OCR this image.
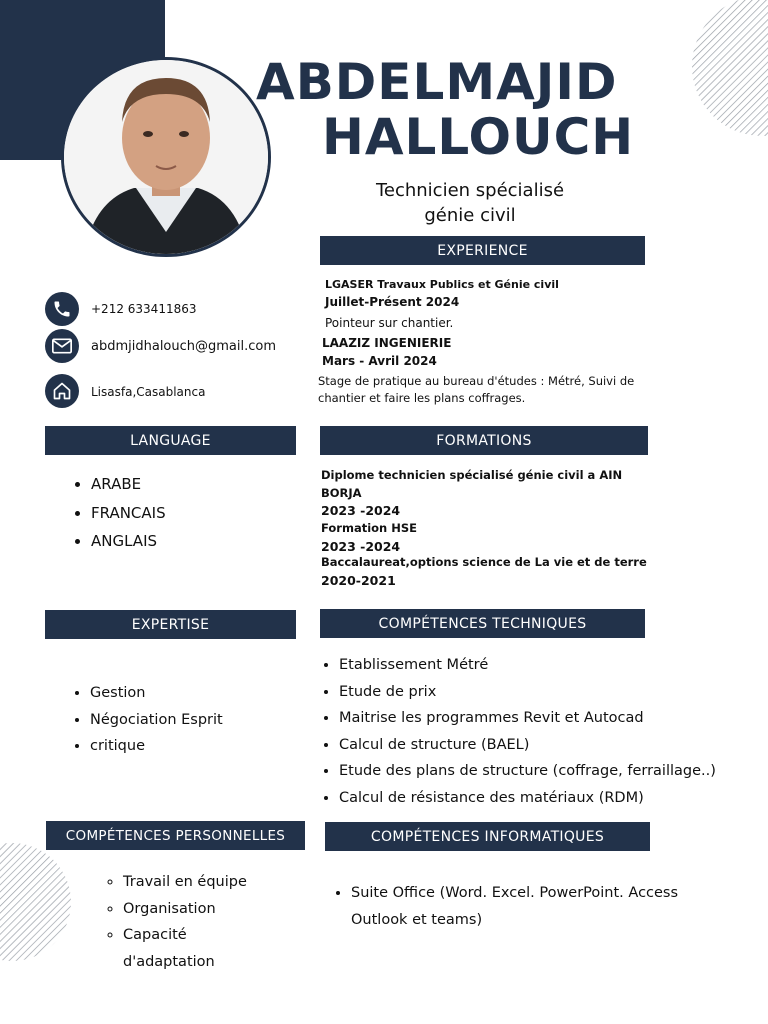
ABDELMAJID
HALLOUCH
Technicien spécialisé
génie civil
+212 633411863
abdmjidhalouch@gmail.com
Lisasfa,Casablanca
EXPERIENCE
LGASER Travaux Publics et Génie civil
Juillet-Présent 2024
Pointeur sur chantier.
LAAZIZ INGENIERIE
Mars - Avril 2024
Stage de pratique au bureau d'études : Métré, Suivi de
chantier et faire les plans coffrages.
LANGUAGE
• ARABE
• FRANCAIS
• ANGLAIS
FORMATIONS
Diplome technicien spécialisé génie civil a AIN
BORJA
2023 -2024
Formation HSE
2023 -2024
Baccalaureat,options science de La vie et de terre
2020-2021
EXPERTISE
• Gestion
• Négociation Esprit
• critique
COMPÉTENCES TECHNIQUES
• Etablissement Métré
• Etude de prix
• Maitrise les programmes Revit et Autocad
• Calcul de structure (BAEL)
• Etude des plans de structure (coffrage, ferraillage..)
• Calcul de résistance des matériaux (RDM)
COMPÉTENCES PERSONNELLES
◦ Travail en équipe
◦ Organisation
◦ Capacité
d'adaptation
COMPÉTENCES INFORMATIQUES
• Suite Office (Word. Excel. PowerPoint. Access
Outlook et teams)
